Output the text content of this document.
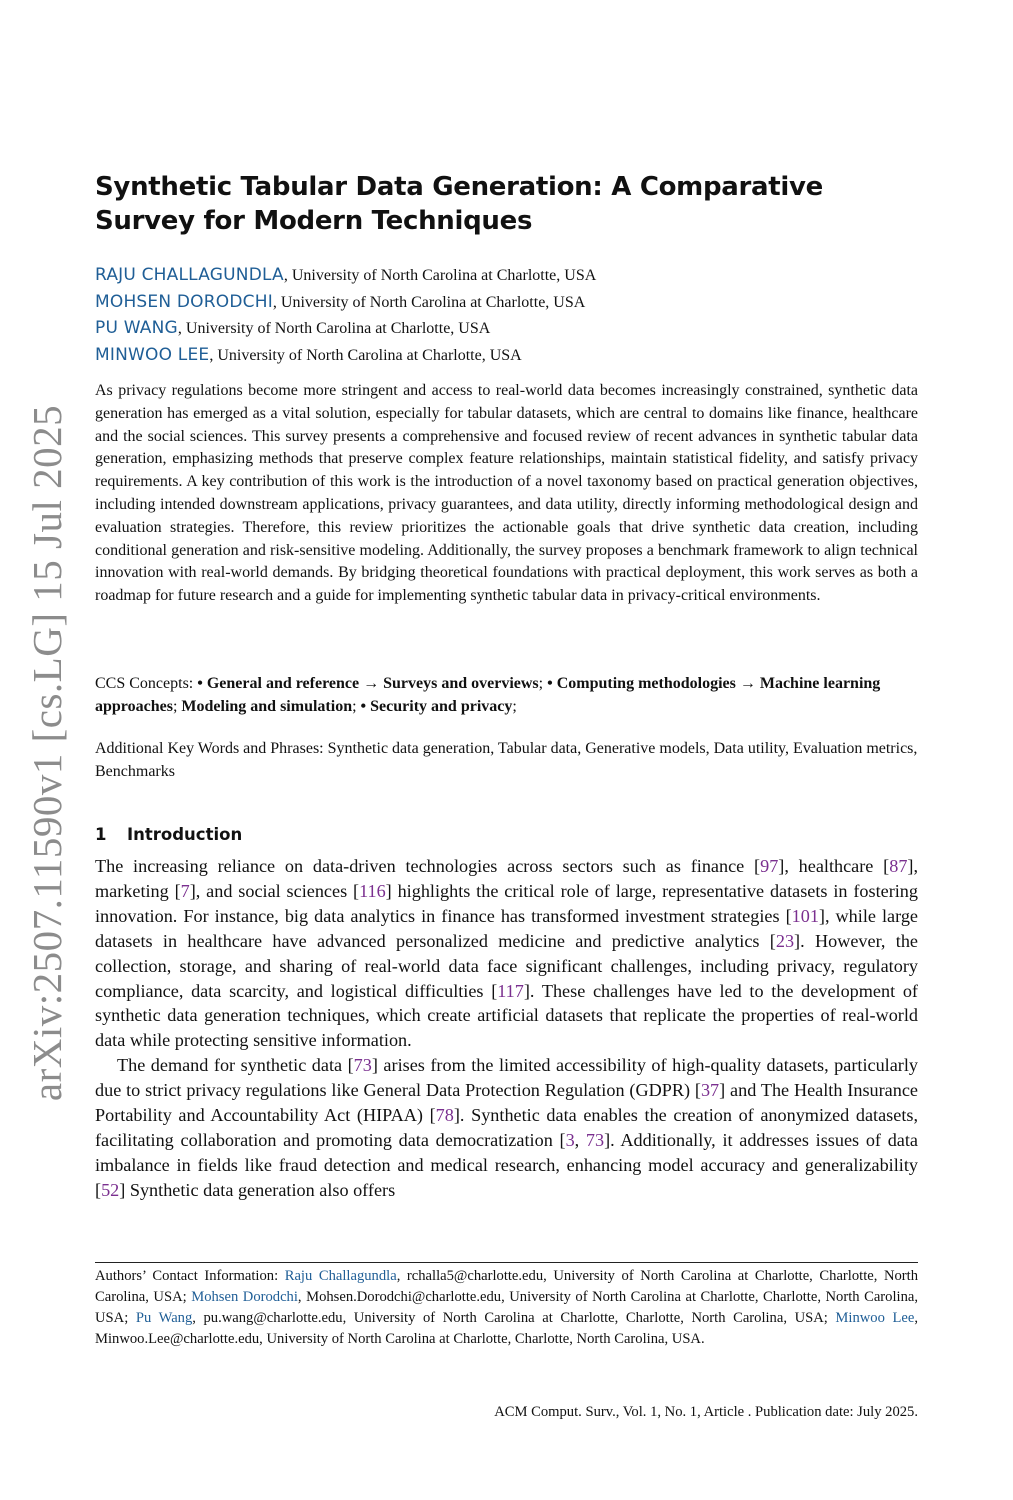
arXiv:2507.11590v1 [cs.LG] 15 Jul 2025
Synthetic Tabular Data Generation: A Comparative Survey for Modern Techniques
RAJU CHALLAGUNDLA, University of North Carolina at Charlotte, USA
MOHSEN DORODCHI, University of North Carolina at Charlotte, USA
PU WANG, University of North Carolina at Charlotte, USA
MINWOO LEE, University of North Carolina at Charlotte, USA

As privacy regulations become more stringent and access to real-world data becomes increasingly constrained, synthetic data generation has emerged as a vital solution, especially for tabular datasets, which are central to domains like finance, healthcare and the social sciences. This survey presents a comprehensive and focused review of recent advances in synthetic tabular data generation, emphasizing methods that preserve complex feature relationships, maintain statistical fidelity, and satisfy privacy requirements. A key contribution of this work is the introduction of a novel taxonomy based on practical generation objectives, including intended downstream applications, privacy guarantees, and data utility, directly informing methodological design and evaluation strategies. Therefore, this review prioritizes the actionable goals that drive synthetic data creation, including conditional generation and risk-sensitive modeling. Additionally, the survey proposes a benchmark framework to align technical innovation with real-world demands. By bridging theoretical foundations with practical deployment, this work serves as both a roadmap for future research and a guide for implementing synthetic tabular data in privacy-critical environments.

CCS Concepts: • General and reference → Surveys and overviews; • Computing methodologies → Machine learning approaches; Modeling and simulation; • Security and privacy;

Additional Key Words and Phrases: Synthetic data generation, Tabular data, Generative models, Data utility, Evaluation metrics, Benchmarks

1 Introduction

The increasing reliance on data-driven technologies across sectors such as finance [97], healthcare [87], marketing [7], and social sciences [116] highlights the critical role of large, representative datasets in fostering innovation. For instance, big data analytics in finance has transformed investment strategies [101], while large datasets in healthcare have advanced personalized medicine and predictive analytics [23]. However, the collection, storage, and sharing of real-world data face significant challenges, including privacy, regulatory compliance, data scarcity, and logistical difficulties [117]. These challenges have led to the development of synthetic data generation techniques, which create artificial datasets that replicate the properties of real-world data while protecting sensitive information.

The demand for synthetic data [73] arises from the limited accessibility of high-quality datasets, particularly due to strict privacy regulations like General Data Protection Regulation (GDPR) [37] and The Health Insurance Portability and Accountability Act (HIPAA) [78]. Synthetic data enables the creation of anonymized datasets, facilitating collaboration and promoting data democratization [3, 73]. Additionally, it addresses issues of data imbalance in fields like fraud detection and medical research, enhancing model accuracy and generalizability [52] Synthetic data generation also offers

Authors’ Contact Information: Raju Challagundla, rchalla5@charlotte.edu, University of North Carolina at Charlotte, Charlotte, North Carolina, USA; Mohsen Dorodchi, Mohsen.Dorodchi@charlotte.edu, University of North Carolina at Charlotte, Charlotte, North Carolina, USA; Pu Wang, pu.wang@charlotte.edu, University of North Carolina at Charlotte, Charlotte, North Carolina, USA; Minwoo Lee, Minwoo.Lee@charlotte.edu, University of North Carolina at Charlotte, Charlotte, North Carolina, USA.

ACM Comput. Surv., Vol. 1, No. 1, Article . Publication date: July 2025.
